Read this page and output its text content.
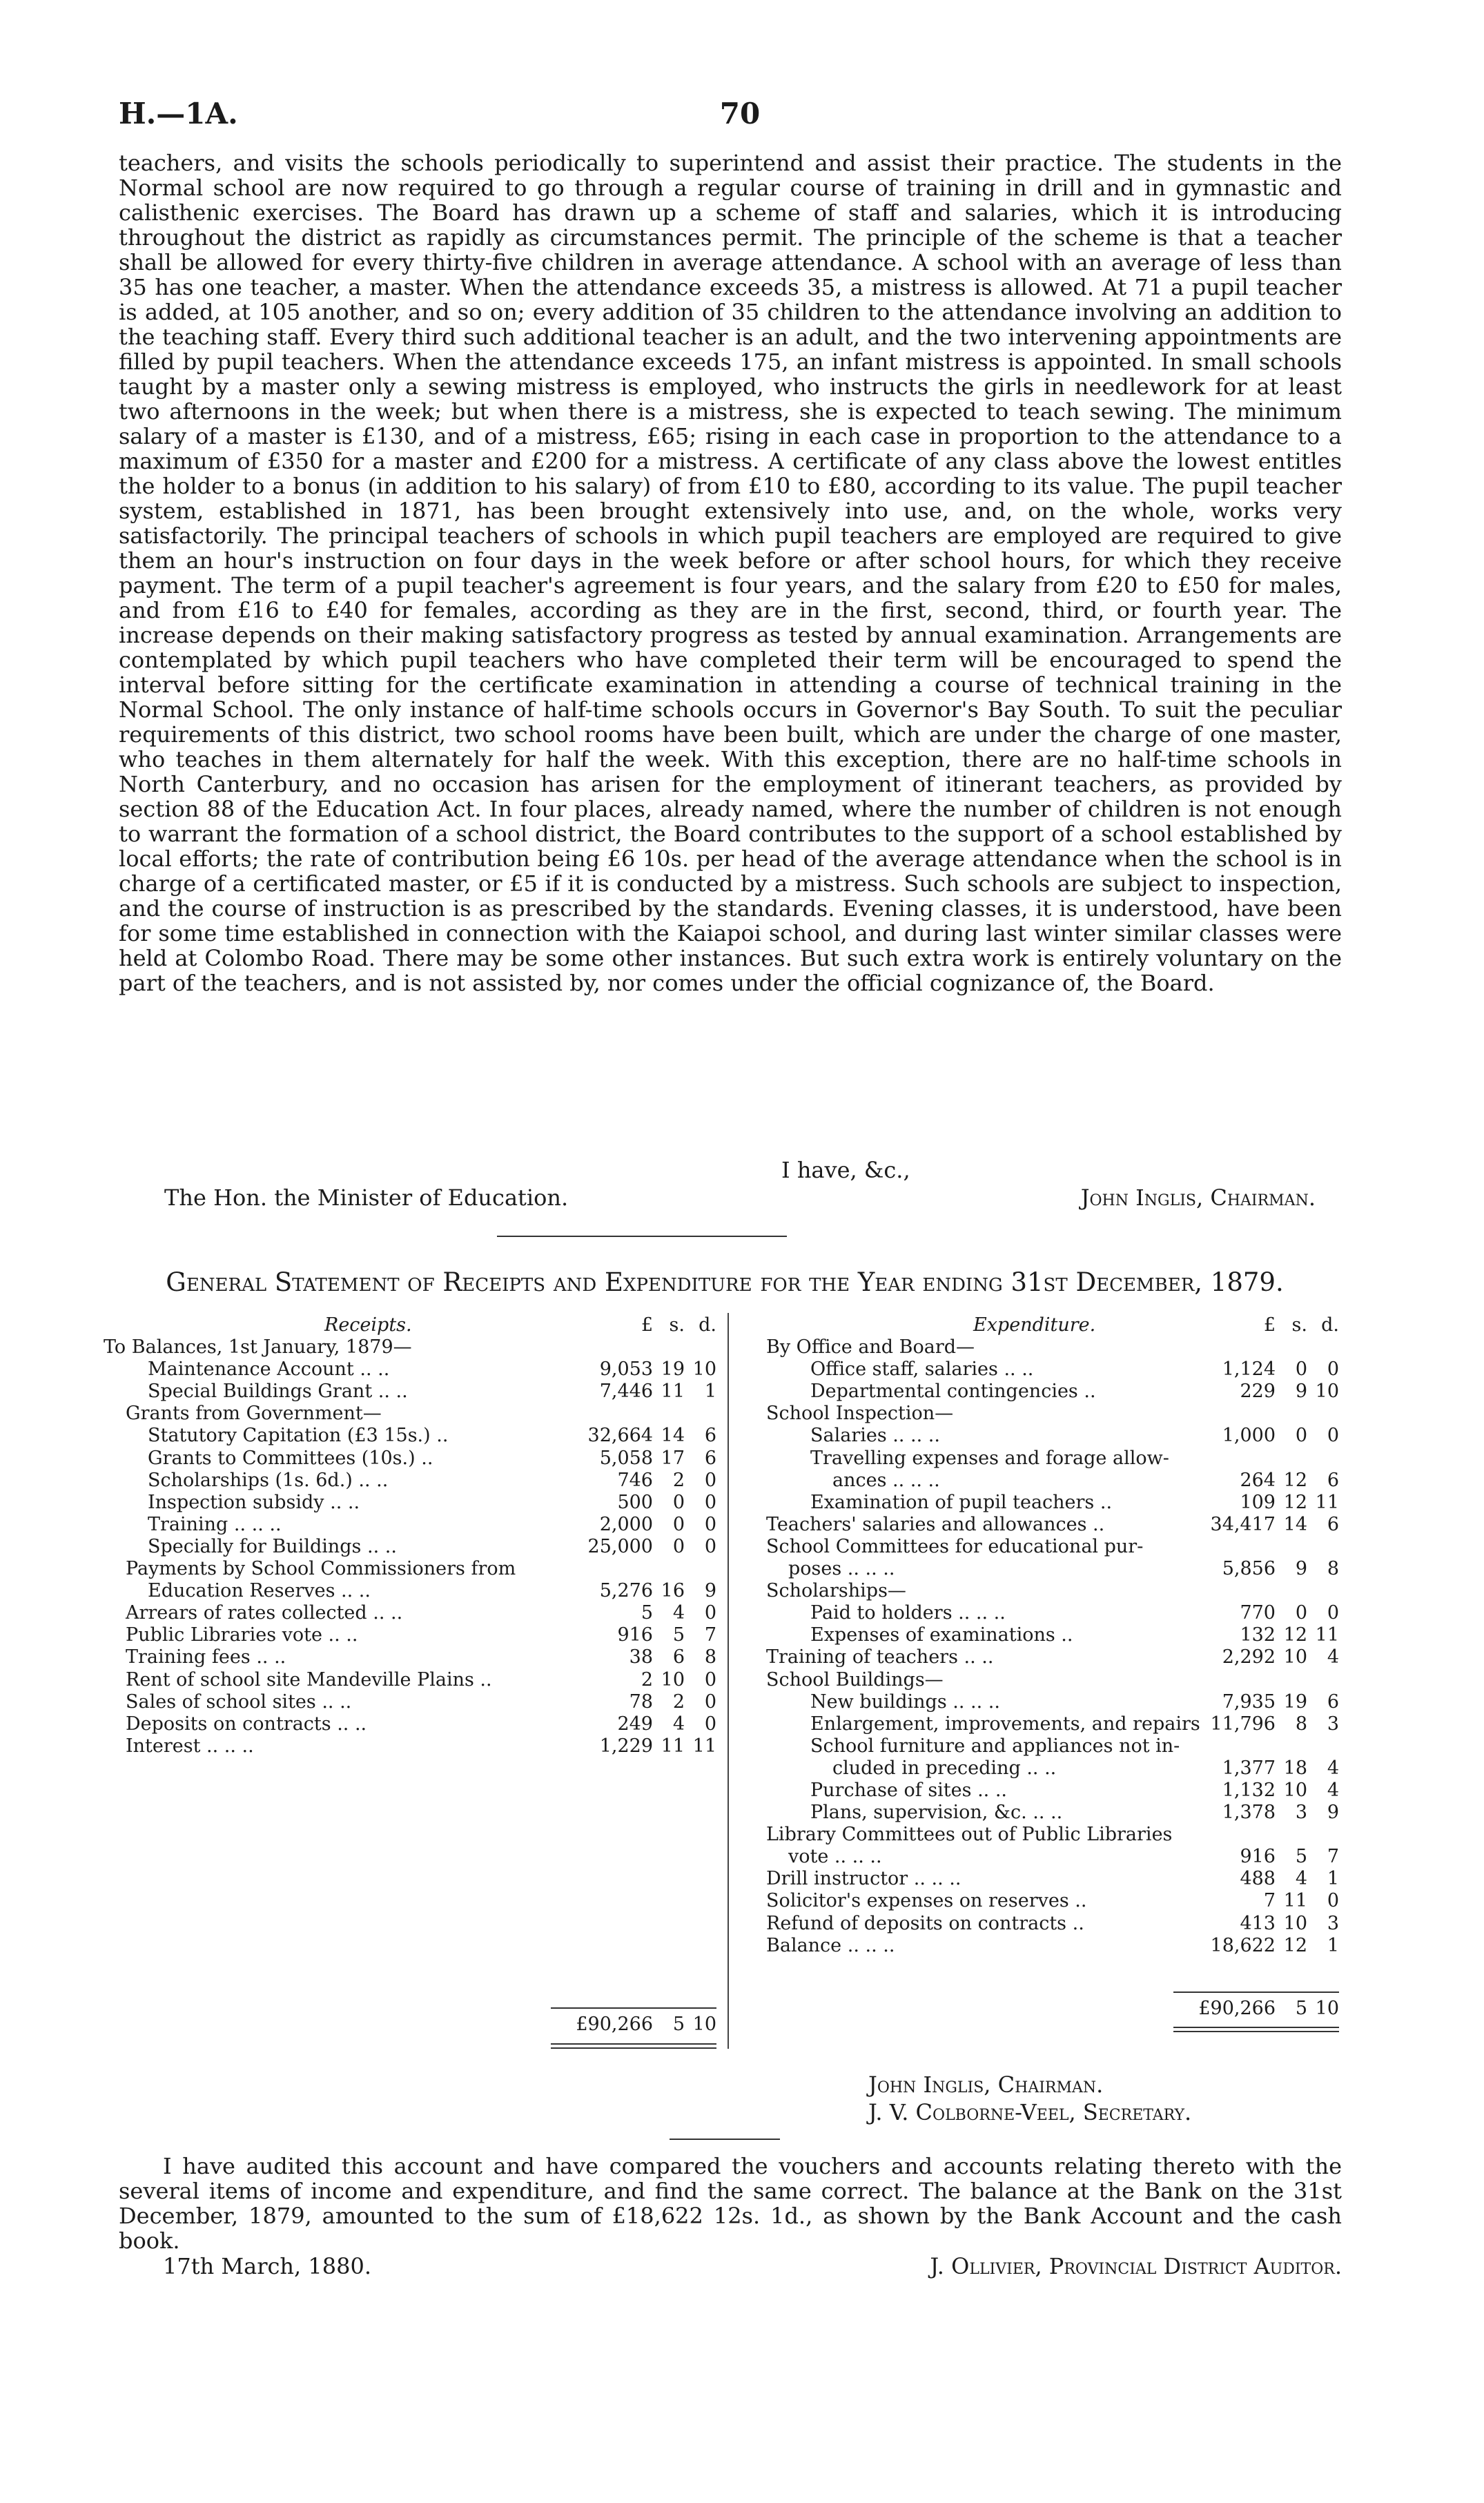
H.—1A.	70

teachers, and visits the schools periodically to superintend and assist their practice. The students in the Normal school are now required to go through a regular course of training in drill and in gymnastic and calisthenic exercises. The Board has drawn up a scheme of staff and salaries, which it is introducing throughout the district as rapidly as circumstances permit. The principle of the scheme is that a teacher shall be allowed for every thirty-five children in average attendance. A school with an average of less than 35 has one teacher, a master. When the attendance exceeds 35, a mistress is allowed. At 71 a pupil teacher is added, at 105 another, and so on; every addition of 35 children to the attendance involving an addition to the teaching staff. Every third such additional teacher is an adult, and the two intervening appointments are filled by pupil teachers. When the attendance exceeds 175, an infant mistress is appointed. In small schools taught by a master only a sewing mistress is employed, who instructs the girls in needlework for at least two afternoons in the week; but when there is a mistress, she is expected to teach sewing. The minimum salary of a master is £130, and of a mistress, £65; rising in each case in proportion to the attendance to a maximum of £350 for a master and £200 for a mistress. A certificate of any class above the lowest entitles the holder to a bonus (in addition to his salary) of from £10 to £80, according to its value. The pupil teacher system, established in 1871, has been brought extensively into use, and, on the whole, works very satisfactorily. The principal teachers of schools in which pupil teachers are employed are required to give them an hour's instruction on four days in the week before or after school hours, for which they receive payment. The term of a pupil teacher's agreement is four years, and the salary from £20 to £50 for males, and from £16 to £40 for females, according as they are in the first, second, third, or fourth year. The increase depends on their making satisfactory progress as tested by annual examination. Arrangements are contemplated by which pupil teachers who have completed their term will be encouraged to spend the interval before sitting for the certificate examination in attending a course of technical training in the Normal School. The only instance of half-time schools occurs in Governor's Bay South. To suit the peculiar requirements of this district, two school rooms have been built, which are under the charge of one master, who teaches in them alternately for half the week. With this exception, there are no half-time schools in North Canterbury, and no occasion has arisen for the employment of itinerant teachers, as provided by section 88 of the Education Act. In four places, already named, where the number of children is not enough to warrant the formation of a school district, the Board contributes to the support of a school established by local efforts; the rate of contribution being £6 10s. per head of the average attendance when the school is in charge of a certificated master, or £5 if it is conducted by a mistress. Such schools are subject to inspection, and the course of instruction is as prescribed by the standards. Evening classes, it is understood, have been for some time established in connection with the Kaiapoi school, and during last winter similar classes were held at Colombo Road. There may be some other instances. But such extra work is entirely voluntary on the part of the teachers, and is not assisted by, nor comes under the official cognizance of, the Board.

I have, &c.,
The Hon. the Minister of Education.	John Inglis, Chairman.
General Statement of Receipts and Expenditure for the Year ending 31st December, 1879.
Receipts.	£ s. d.
To Balances, 1st January, 1879—
Maintenance Account .. ..	9,053 19 10
Special Buildings Grant .. ..	7,446 11 1
Grants from Government—
Statutory Capitation (£3 15s.) ..	32,664 14 6
Grants to Committees (10s.) ..	5,058 17 6
Scholarships (1s. 6d.) .. ..	746 2 0
Inspection subsidy .. ..	500 0 0
Training .. .. ..	2,000 0 0
Specially for Buildings .. ..	25,000 0 0
Payments by School Commissioners from
Education Reserves .. ..	5,276 16 9
Arrears of rates collected .. ..	5 4 0
Public Libraries vote .. ..	916 5 7
Training fees .. ..	38 6 8
Rent of school site Mandeville Plains ..	2 10 0
Sales of school sites .. ..	78 2 0
Deposits on contracts .. ..	249 4 0
Interest .. .. ..	1,229 11 11
Expenditure.	£ s. d.
By Office and Board—
Office staff, salaries .. ..	1,124 0 0
Departmental contingencies ..	229 9 10
School Inspection—
Salaries .. .. ..	1,000 0 0
Travelling expenses and forage allow-
ances .. .. ..	264 12 6
Examination of pupil teachers ..	109 12 11
Teachers' salaries and allowances ..	34,417 14 6
School Committees for educational pur-
poses .. .. ..	5,856 9 8
Scholarships—
Paid to holders .. .. ..	770 0 0
Expenses of examinations ..	132 12 11
Training of teachers .. ..	2,292 10 4
School Buildings—
New buildings .. .. ..	7,935 19 6
Enlargement, improvements, and repairs 11,796 8 3
School furniture and appliances not in-
cluded in preceding .. ..	1,377 18 4
Purchase of sites .. ..	1,132 10 4
Plans, supervision, &c. .. ..	1,378 3 9
Library Committees out of Public Libraries
vote .. .. ..	916 5 7
Drill instructor .. .. ..	488 4 1
Solicitor's expenses on reserves ..	7 11 0
Refund of deposits on contracts ..	413 10 3
Balance .. .. ..	18,622 12 1
£90,266 5 10
£90,266 5 10
John Inglis, Chairman.
J. V. Colborne-Veel, Secretary.

I have audited this account and have compared the vouchers and accounts relating thereto with the several items of income and expenditure, and find the same correct. The balance at the Bank on the 31st December, 1879, amounted to the sum of £18,622 12s. 1d., as shown by the Bank Account and the cash book.

17th March, 1880.	J. Ollivier, Provincial District Auditor.
